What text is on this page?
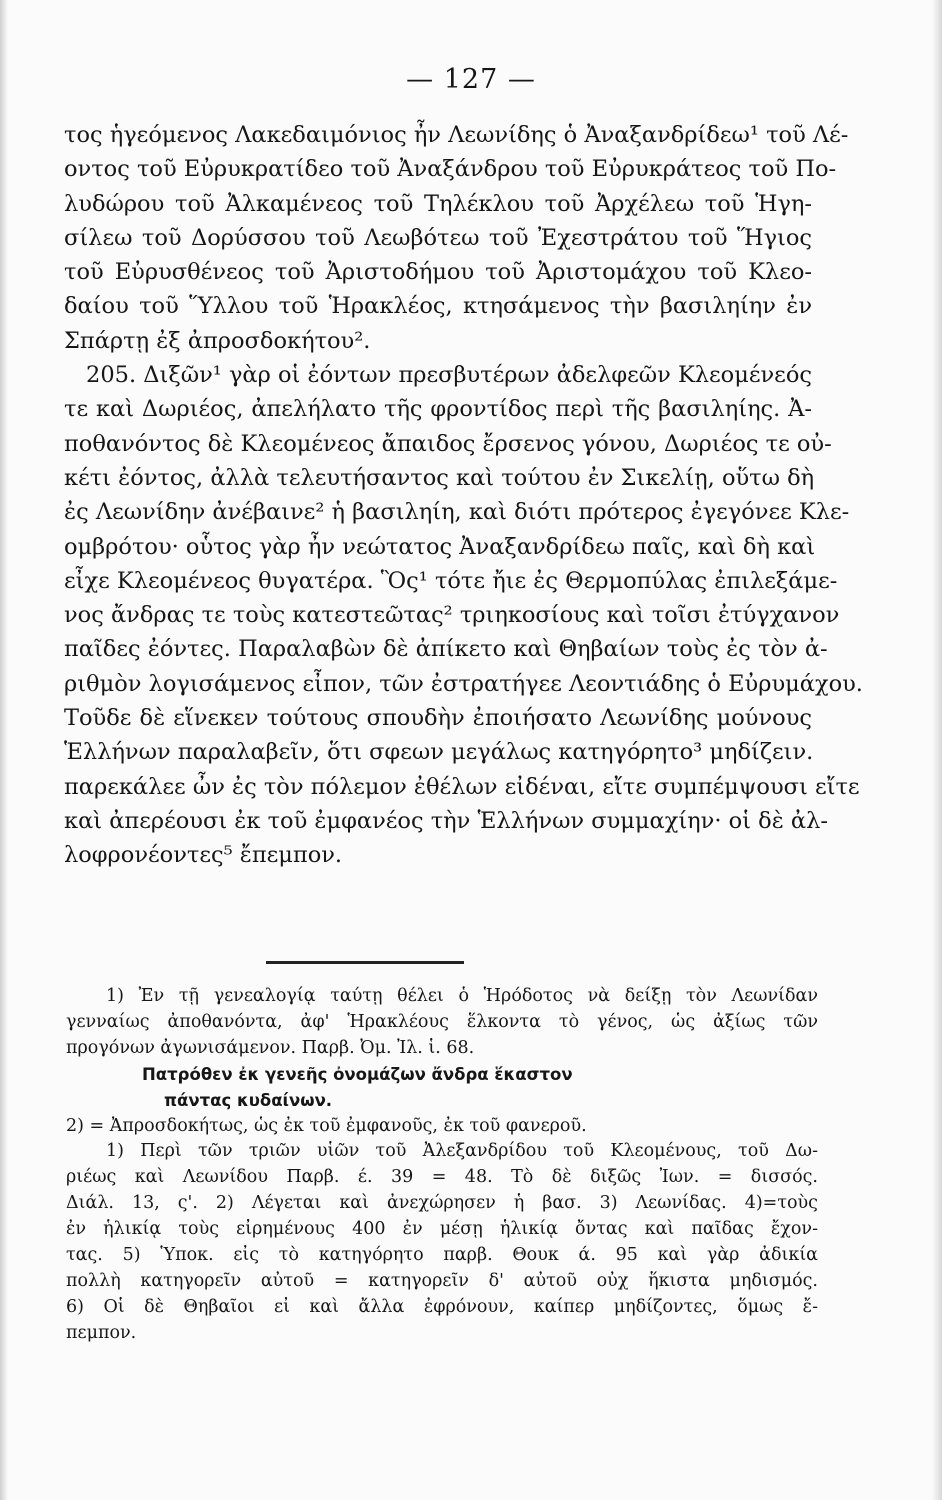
— 127 —
τος ἡγεόμενος Λακεδαιμόνιος ἦν Λεωνίδης ὁ Ἀναξανδρίδεω¹ τοῦ Λέ-
οντος τοῦ Εὐρυκρατίδεο τοῦ Ἀναξάνδρου τοῦ Εὐρυκράτεος τοῦ Πο-
λυδώρου τοῦ Ἀλκαμένεος τοῦ Τηλέκλου τοῦ Ἀρχέλεω τοῦ Ἡγη-
σίλεω τοῦ Δορύσσου τοῦ Λεωβότεω τοῦ Ἐχεστράτου τοῦ Ἥγιος
τοῦ Εὐρυσθένεος τοῦ Ἀριστοδήμου τοῦ Ἀριστομάχου τοῦ Κλεο-
δαίου τοῦ Ὕλλου τοῦ Ἡρακλέος, κτησάμενος τὴν βασιληίην ἐν
Σπάρτῃ ἐξ ἀπροσδοκήτου².
205. Διξῶν¹ γὰρ οἱ ἐόντων πρεσβυτέρων ἀδελφεῶν Κλεομένεός
τε καὶ Δωριέος, ἀπελήλατο τῆς φροντίδος περὶ τῆς βασιληίης. Ἀ-
ποθανόντος δὲ Κλεομένεος ἄπαιδος ἔρσενος γόνου, Δωριέος τε οὐ-
κέτι ἐόντος, ἀλλὰ τελευτήσαντος καὶ τούτου ἐν Σικελίῃ, οὕτω δὴ
ἐς Λεωνίδην ἀνέβαινε² ἡ βασιληίη, καὶ διότι πρότερος ἐγεγόνεε Κλε-
ομβρότου· οὗτος γὰρ ἦν νεώτατος Ἀναξανδρίδεω παῖς, καὶ δὴ καὶ
εἶχε Κλεομένεος θυγατέρα. Ὃς¹ τότε ἤιε ἐς Θερμοπύλας ἐπιλεξάμε-
νος ἄνδρας τε τοὺς κατεστεῶτας² τριηκοσίους καὶ τοῖσι ἐτύγχανον
παῖδες ἐόντες. Παραλαβὼν δὲ ἀπίκετο καὶ Θηβαίων τοὺς ἐς τὸν ἀ-
ριθμὸν λογισάμενος εἶπον, τῶν ἐστρατήγεε Λεοντιάδης ὁ Εὐρυμάχου.
Τοῦδε δὲ εἵνεκεν τούτους σπουδὴν ἐποιήσατο Λεωνίδης μούνους
Ἑλλήνων παραλαβεῖν, ὅτι σφεων μεγάλως κατηγόρητο³ μηδίζειν.
παρεκάλεε ὦν ἐς τὸν πόλεμον ἐθέλων εἰδέναι, εἴτε συμπέμψουσι εἴτε
καὶ ἀπερέουσι ἐκ τοῦ ἐμφανέος τὴν Ἑλλήνων συμμαχίην· οἱ δὲ ἀλ-
λοφρονέοντες⁵ ἔπεμπον.
1) Ἐν τῇ γενεαλογίᾳ ταύτῃ θέλει ὁ Ἡρόδοτος νὰ δείξῃ τὸν Λεωνίδαν
γενναίως ἀποθανόντα, ἀφ' Ἡρακλέους ἕλκοντα τὸ γένος, ὡς ἀξίως τῶν
προγόνων ἀγωνισάμενον. Παρβ. Ὀμ. Ἰλ. ἱ. 68.
Πατρόθεν ἐκ γενεῆς ὀνομάζων ἄνδρα ἕκαστον
πάντας κυδαίνων.
2) = Ἀπροσδοκήτως, ὡς ἐκ τοῦ ἐμφανοῦς, ἐκ τοῦ φανεροῦ.
1) Περὶ τῶν τριῶν υἱῶν τοῦ Ἀλεξανδρίδου τοῦ Κλεομένους, τοῦ Δω-
ριέως καὶ Λεωνίδου Παρβ. έ. 39 = 48. Τὸ δὲ διξῶς Ἰων. = δισσός.
Διάλ. 13, ς'. 2) Λέγεται καὶ ἀνεχώρησεν ἡ βασ. 3) Λεωνίδας. 4)=τοὺς
ἐν ἡλικίᾳ τοὺς εἰρημένους 400 ἐν μέσῃ ἡλικίᾳ ὄντας καὶ παῖδας ἔχον-
τας. 5) Ὑποκ. εἰς τὸ κατηγόρητο παρβ. Θουκ ά. 95 καὶ γὰρ ἀδικία
πολλὴ κατηγορεῖν αὐτοῦ = κατηγορεῖν δ' αὐτοῦ οὐχ ἥκιστα μηδισμός.
6) Οἱ δὲ Θηβαῖοι εἰ καὶ ἄλλα ἐφρόνουν, καίπερ μηδίζοντες, ὅμως ἔ-
πεμπον.
